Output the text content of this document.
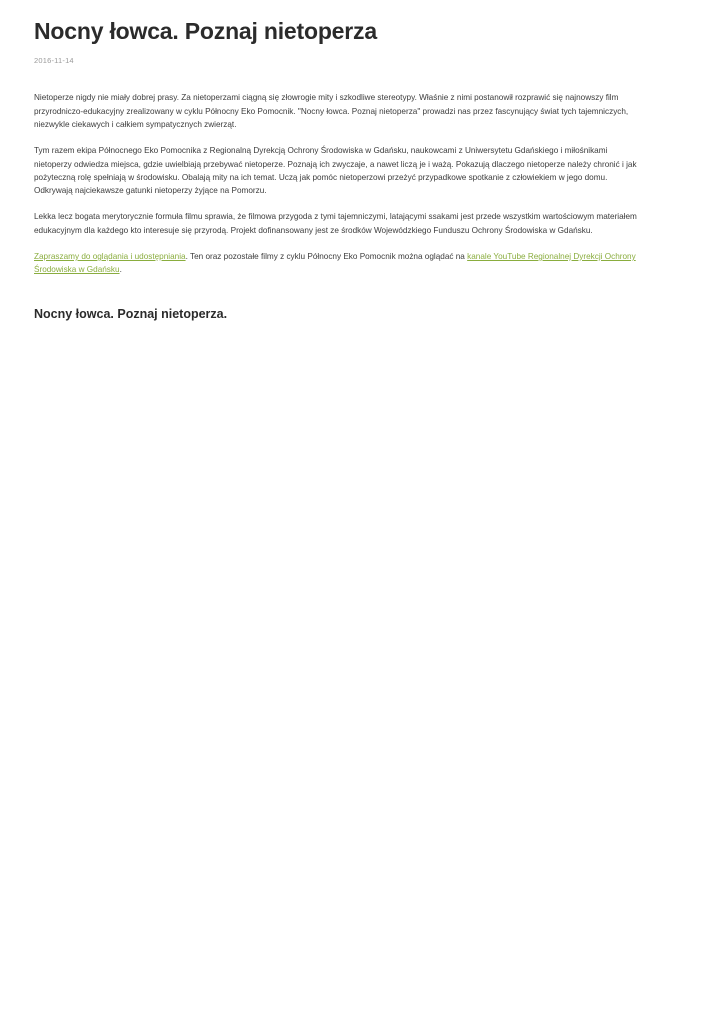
Nocny łowca. Poznaj nietoperza
2016-11-14

Nietoperze nigdy nie miały dobrej prasy. Za nietoperzami ciągną się złowrogie mity i szkodliwe stereotypy. Właśnie z nimi postanowił rozprawić się najnowszy film przyrodniczo-edukacyjny zrealizowany w cyklu Północny Eko Pomocnik. "Nocny łowca. Poznaj nietoperza" prowadzi nas przez fascynujący świat tych tajemniczych, niezwykle ciekawych i całkiem sympatycznych zwierząt.

Tym razem ekipa Północnego Eko Pomocnika z Regionalną Dyrekcją Ochrony Środowiska w Gdańsku, naukowcami z Uniwersytetu Gdańskiego i miłośnikami nietoperzy odwiedza miejsca, gdzie uwielbiają przebywać nietoperze. Poznają ich zwyczaje, a nawet liczą je i ważą. Pokazują dlaczego nietoperze należy chronić i jak pożyteczną rolę spełniają w środowisku. Obalają mity na ich temat. Uczą jak pomóc nietoperzowi przeżyć przypadkowe spotkanie z człowiekiem w jego domu. Odkrywają najciekawsze gatunki nietoperzy żyjące na Pomorzu.

Lekka lecz bogata merytorycznie formuła filmu sprawia, że filmowa przygoda z tymi tajemniczymi, latającymi ssakami jest przede wszystkim wartościowym materiałem edukacyjnym dla każdego kto interesuje się przyrodą. Projekt dofinansowany jest ze środków Wojewódzkiego Funduszu Ochrony Środowiska w Gdańsku.

Zapraszamy do oglądania i udostępniania. Ten oraz pozostałe filmy z cyklu Północny Eko Pomocnik można oglądać na kanale YouTube Regionalnej Dyrekcji Ochrony Środowiska w Gdańsku.

Nocny łowca. Poznaj nietoperza.
